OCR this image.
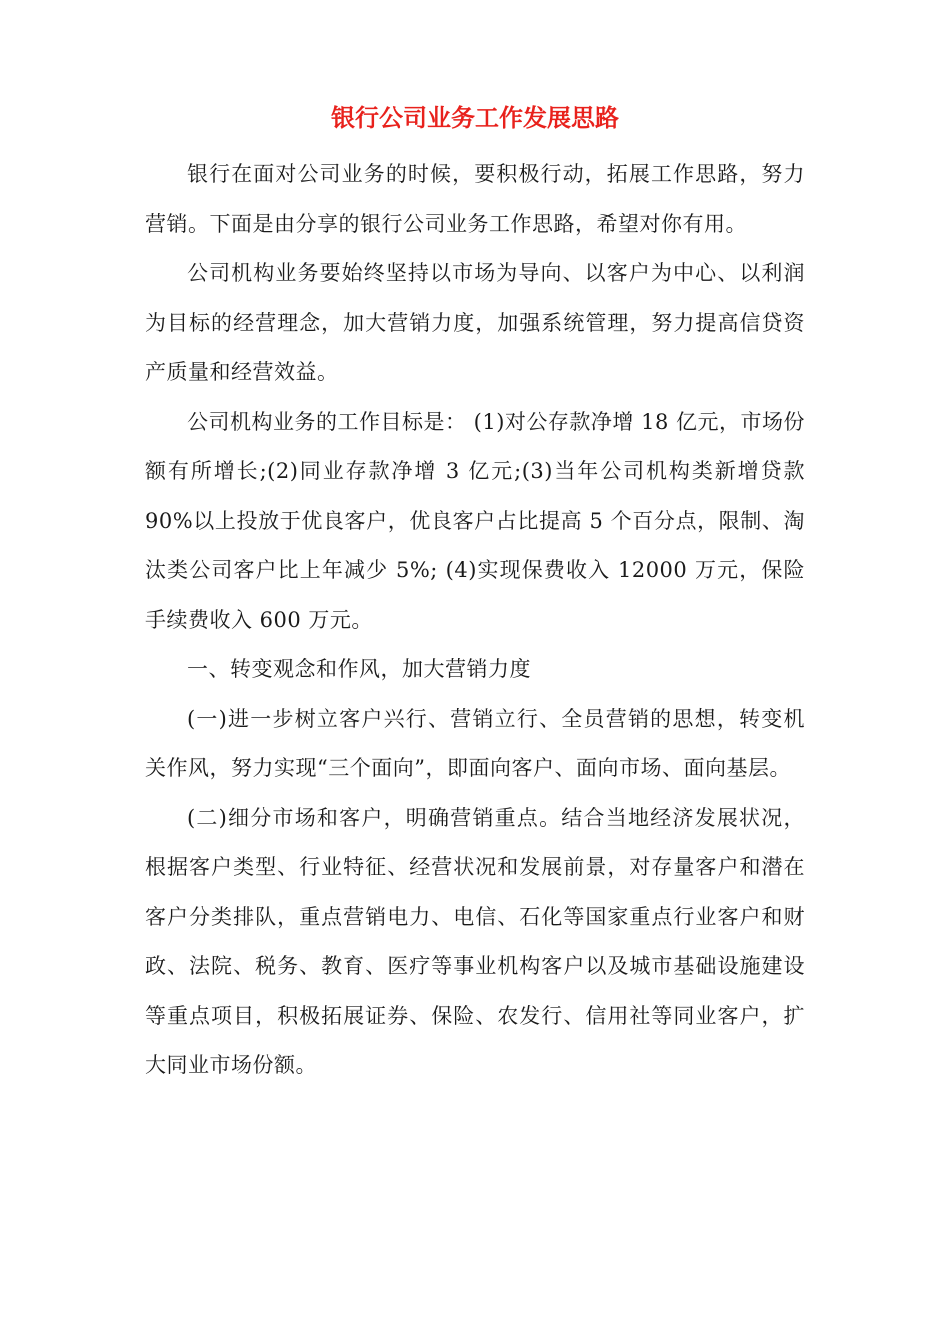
银行公司业务工作发展思路

银行在面对公司业务的时候，要积极行动，拓展工作思路，努力营销。下面是由分享的银行公司业务工作思路，希望对你有用。

公司机构业务要始终坚持以市场为导向、以客户为中心、以利润为目标的经营理念，加大营销力度，加强系统管理，努力提高信贷资产质量和经营效益。

公司机构业务的工作目标是： (1)对公存款净增 18 亿元，市场份额有所增长;(2)同业存款净增 3 亿元;(3)当年公司机构类新增贷款 90%以上投放于优良客户，优良客户占比提高 5 个百分点，限制、淘汰类公司客户比上年减少 5%; (4)实现保费收入 12000 万元，保险手续费收入 600 万元。

一、转变观念和作风，加大营销力度

(一)进一步树立客户兴行、营销立行、全员营销的思想，转变机关作风，努力实现“三个面向”，即面向客户、面向市场、面向基层。

(二)细分市场和客户，明确营销重点。结合当地经济发展状况，根据客户类型、行业特征、经营状况和发展前景，对存量客户和潜在客户分类排队，重点营销电力、电信、石化等国家重点行业客户和财政、法院、税务、教育、医疗等事业机构客户以及城市基础设施建设等重点项目，积极拓展证券、保险、农发行、信用社等同业客户，扩大同业市场份额。
